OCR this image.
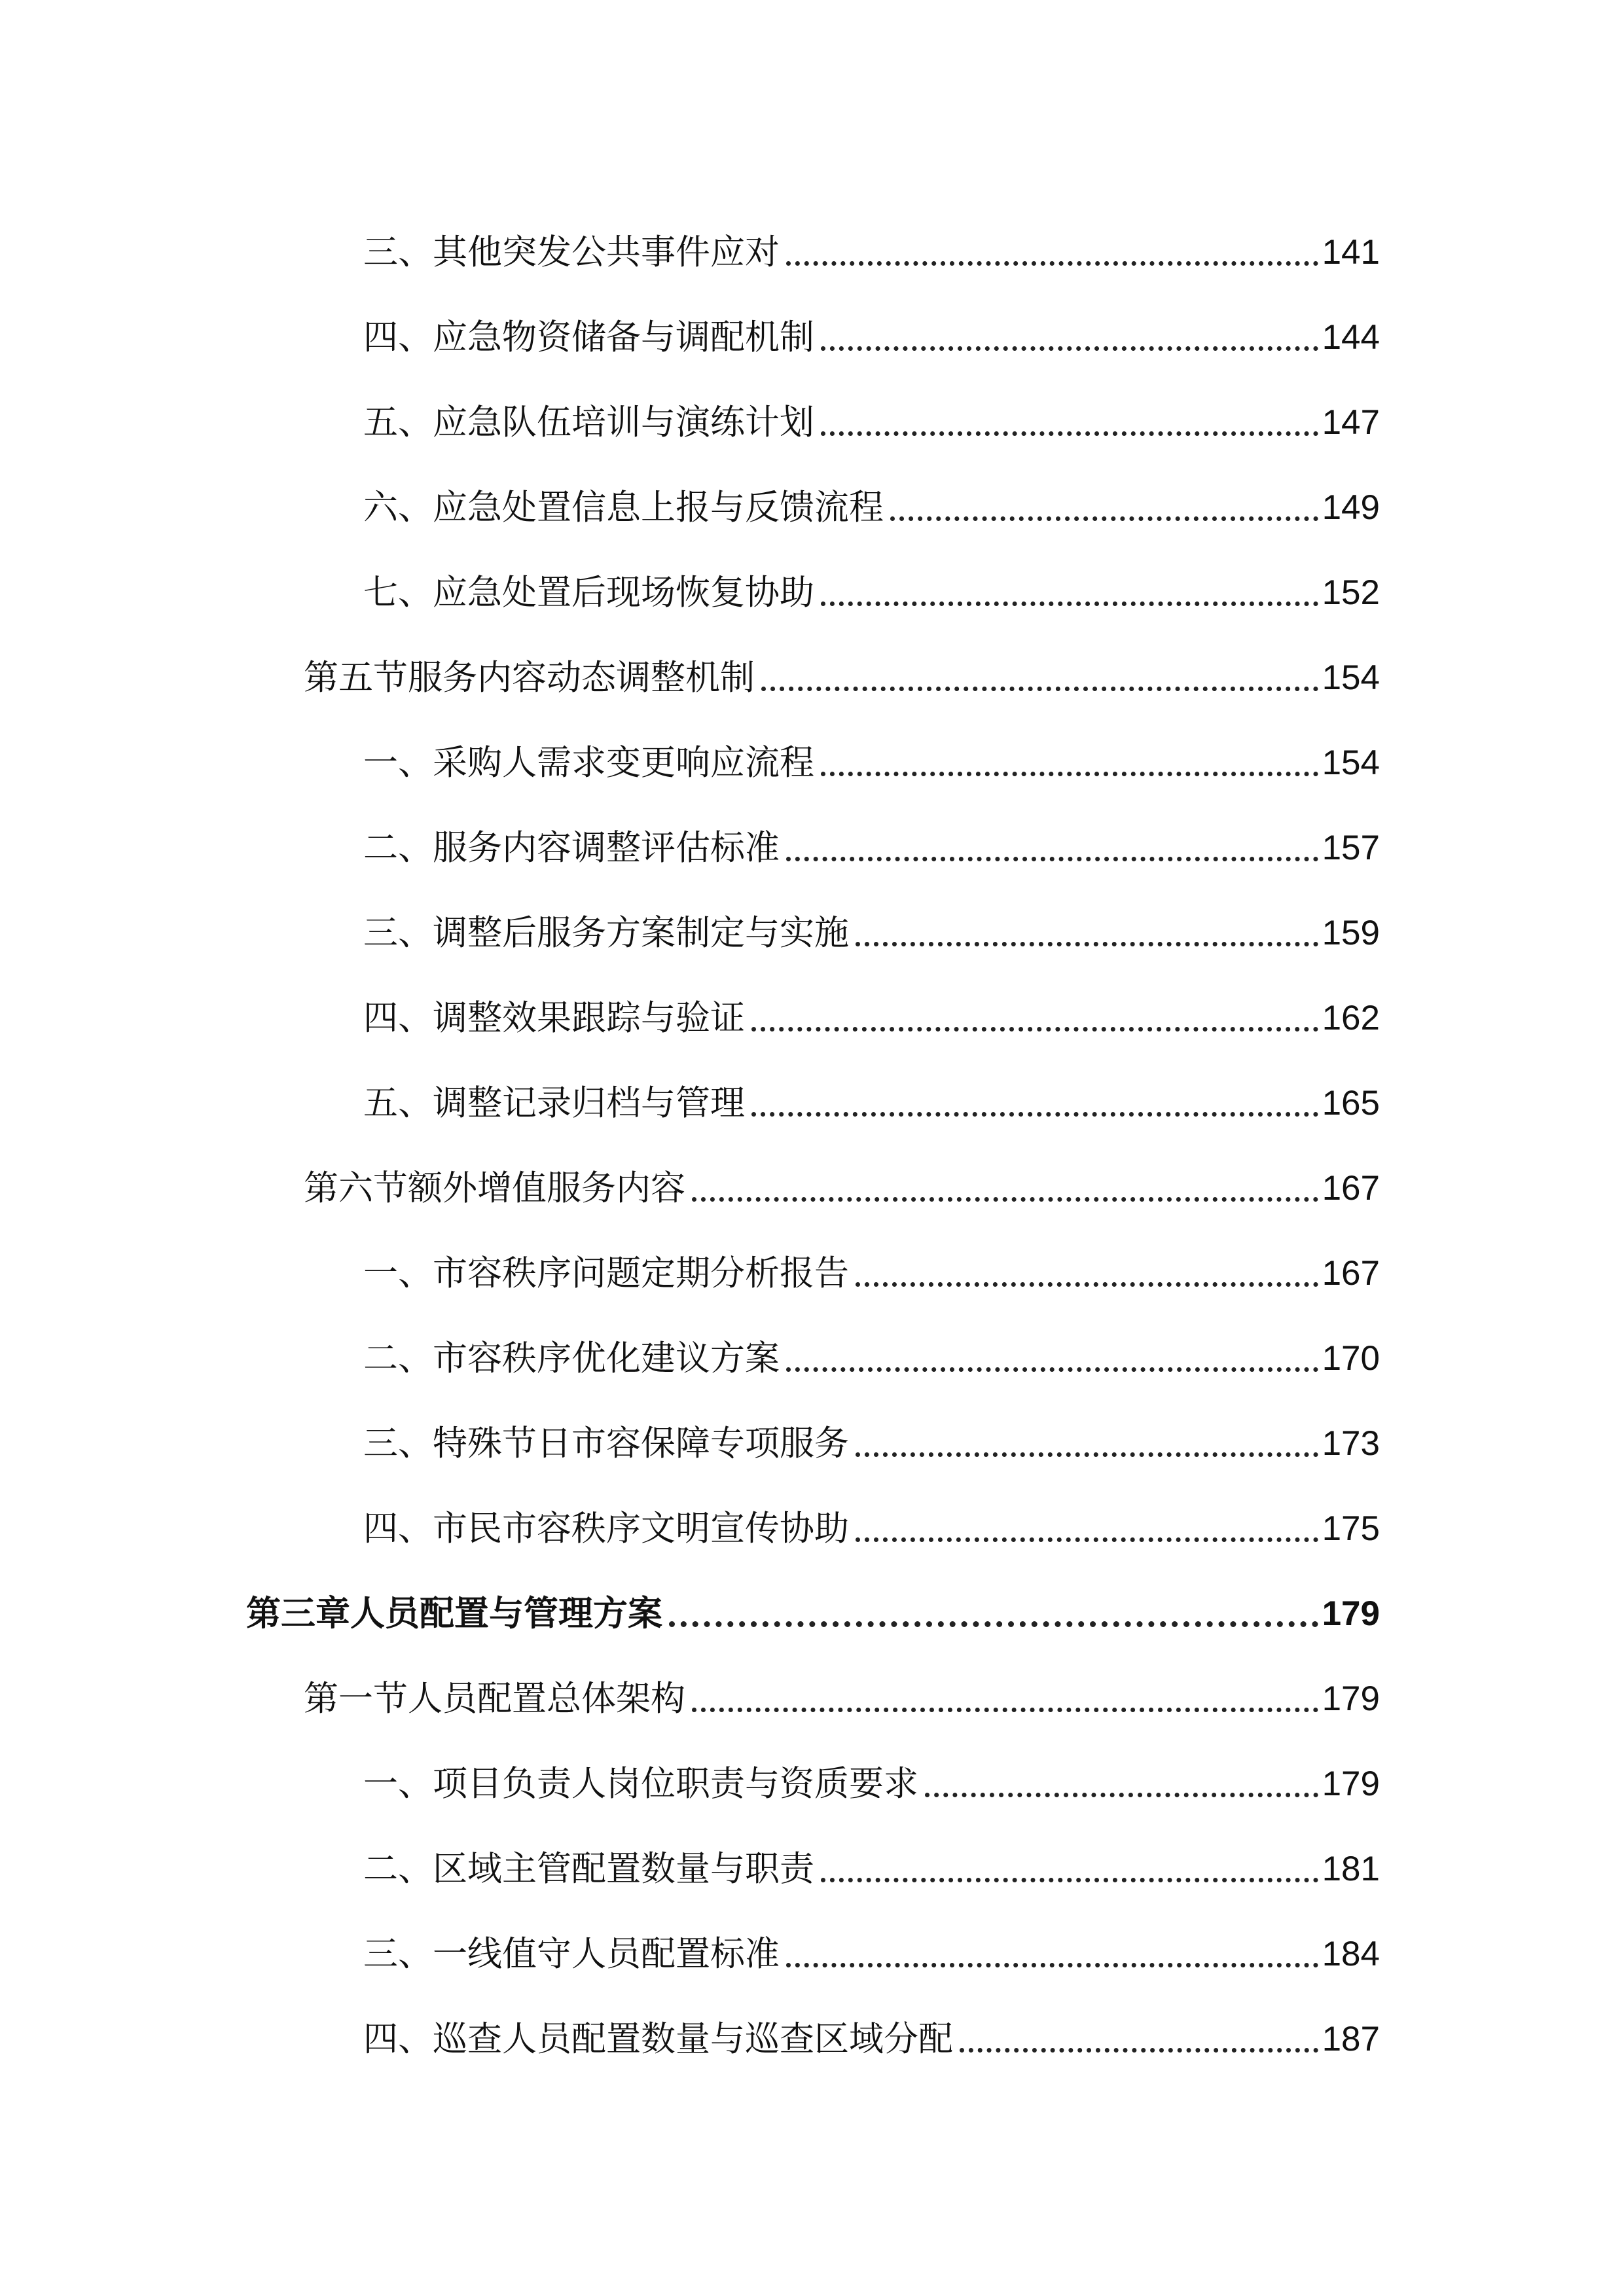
三、其他突发公共事件应对	141
四、应急物资储备与调配机制	144
五、应急队伍培训与演练计划	147
六、应急处置信息上报与反馈流程	149
七、应急处置后现场恢复协助	152
第五节服务内容动态调整机制	154
一、采购人需求变更响应流程	154
二、服务内容调整评估标准	157
三、调整后服务方案制定与实施	159
四、调整效果跟踪与验证	162
五、调整记录归档与管理	165
第六节额外增值服务内容	167
一、市容秩序问题定期分析报告	167
二、市容秩序优化建议方案	170
三、特殊节日市容保障专项服务	173
四、市民市容秩序文明宣传协助	175
第三章人员配置与管理方案	179
第一节人员配置总体架构	179
一、项目负责人岗位职责与资质要求	179
二、区域主管配置数量与职责	181
三、一线值守人员配置标准	184
四、巡查人员配置数量与巡查区域分配	187
